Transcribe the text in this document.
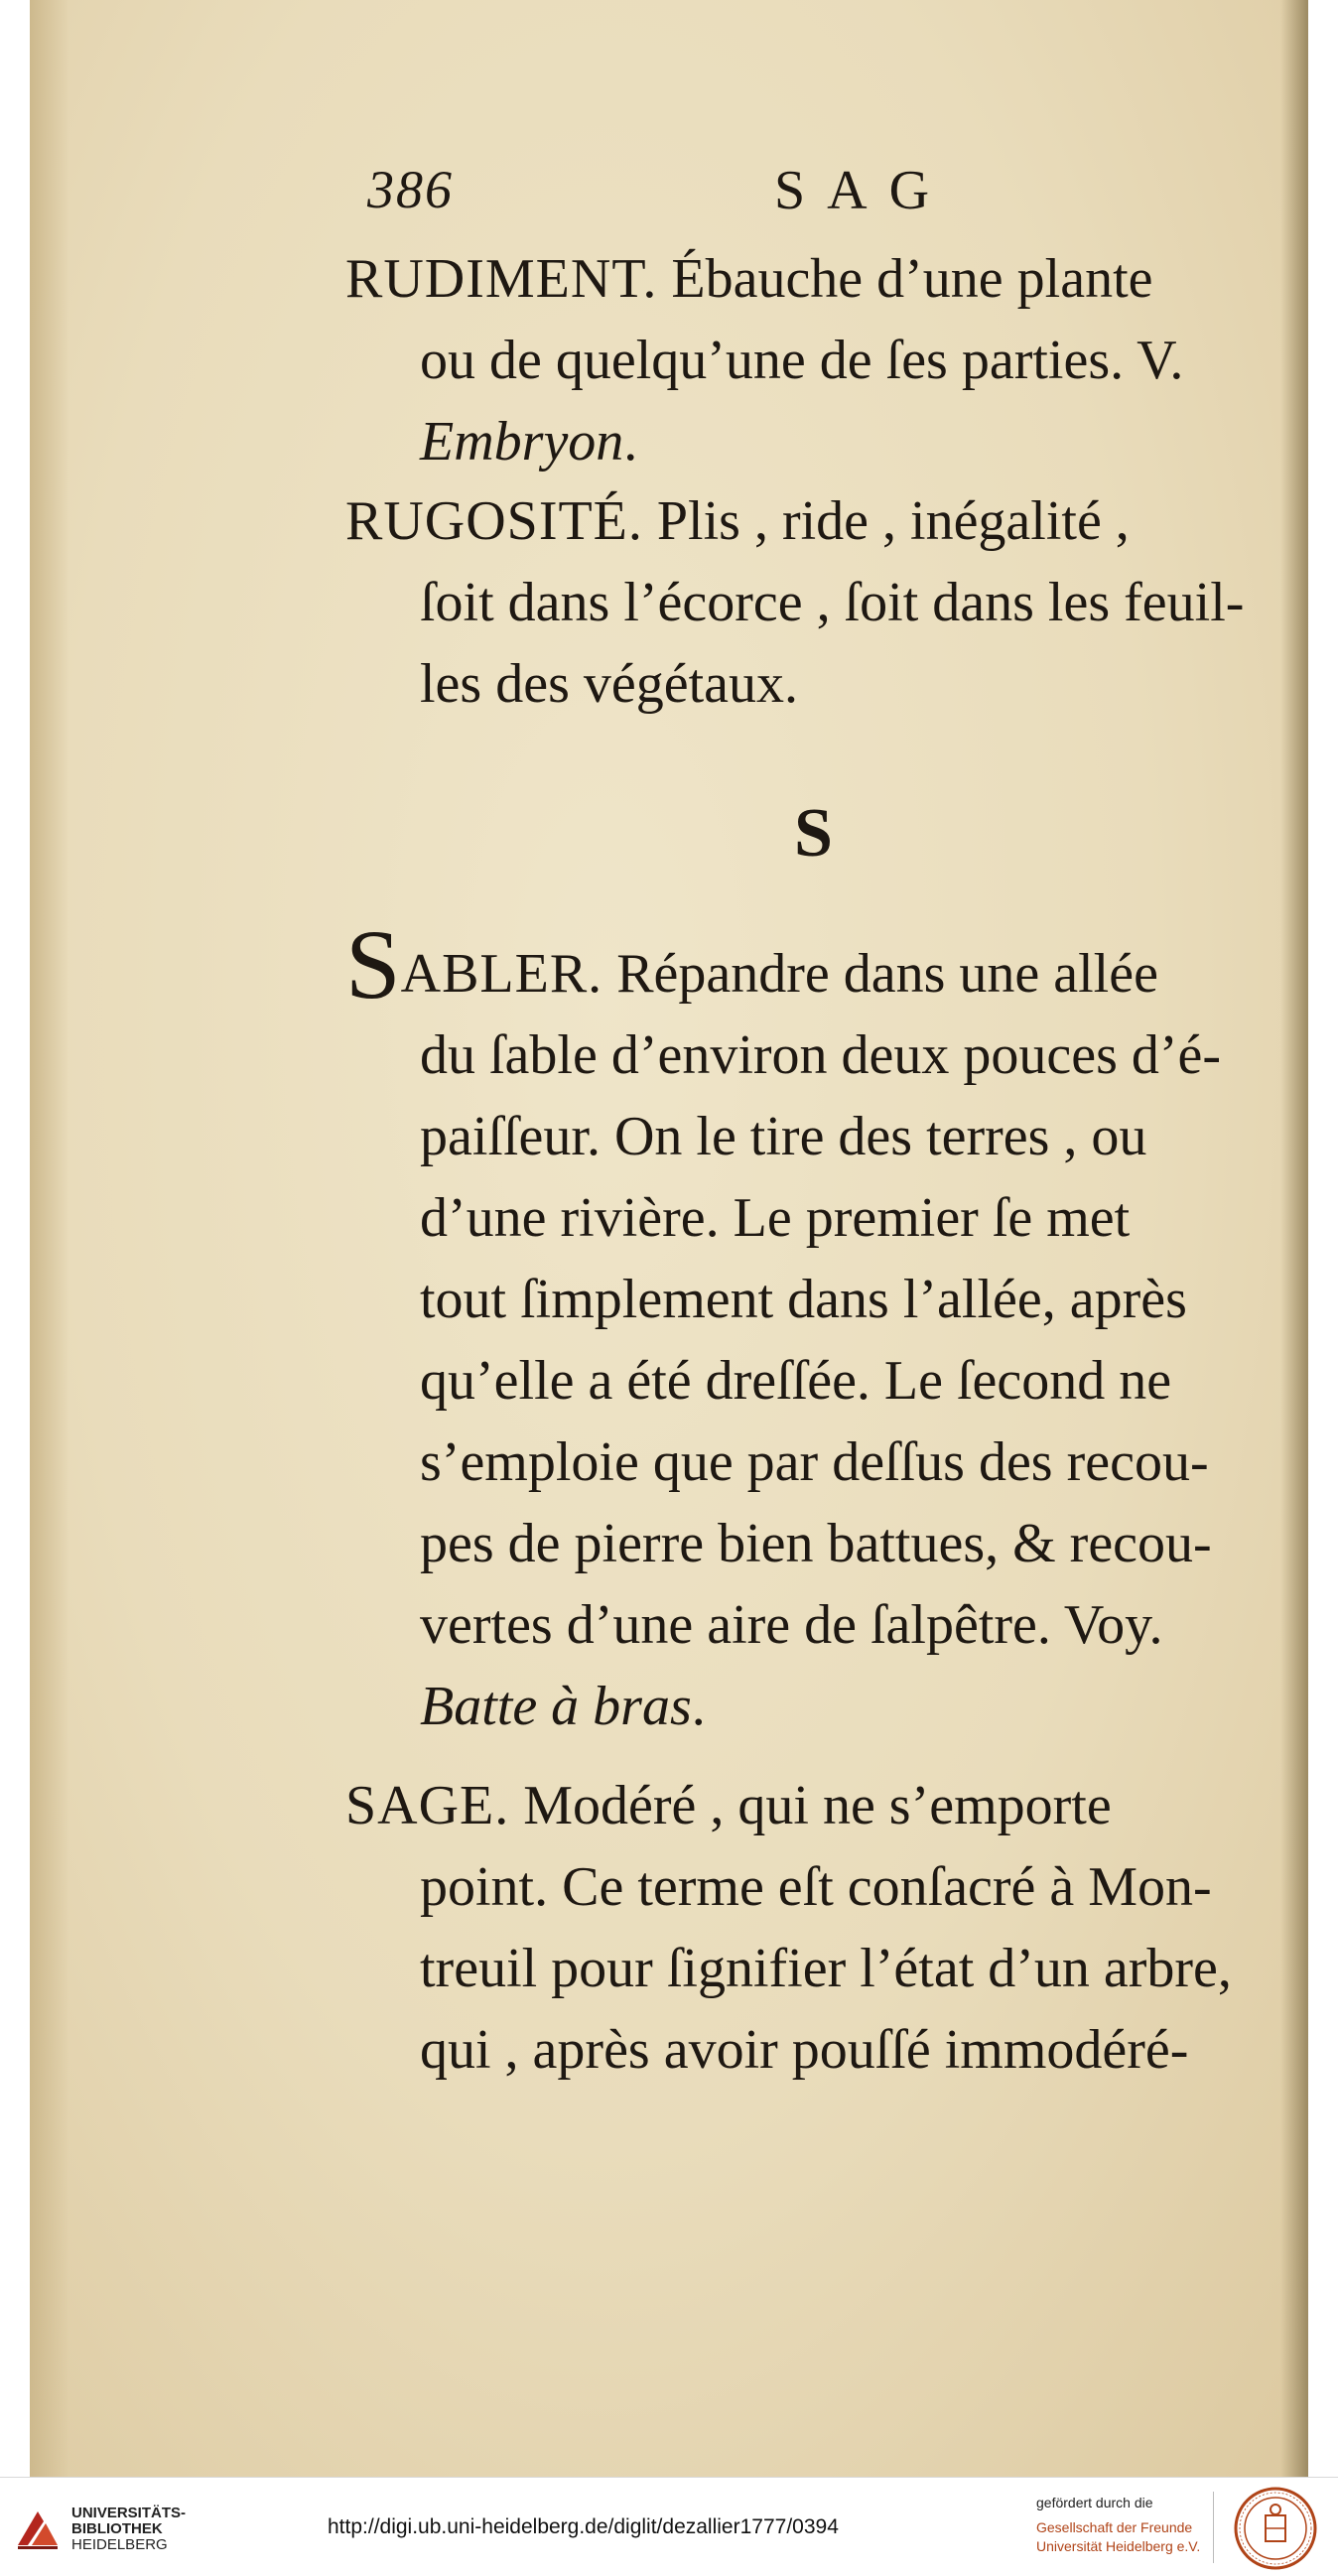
386	SAG

RUDIMENT. Ébauche d’une plante

ou de quelqu’une de ſes parties. V.

Embryon.

RUGOSITÉ. Plis , ride , inégalité ,

ſoit dans l’écorce , ſoit dans les feuil-

les des végétaux.

S

SABLER. Répandre dans une allée

du ſable d’environ deux pouces d’é-

paiſſeur. On le tire des terres , ou

d’une rivière. Le premier ſe met

tout ſimplement dans l’allée, après

qu’elle a été dreſſée. Le ſecond ne

s’emploie que par deſſus des recou-

pes de pierre bien battues, & recou-

vertes d’une aire de ſalpêtre. Voy.

Batte à bras.

SAGE. Modéré , qui ne s’emporte

point. Ce terme eſt conſacré à Mon-

treuil pour ſignifier l’état d’un arbre,

qui , après avoir pouſſé immodéré-

UNIVERSITÄTS-
BIBLIOTHEK
HEIDELBERG
http://digi.ub.uni-heidelberg.de/diglit/dezallier1777/0394
gefördert durch die
Gesellschaft der Freunde
Universität Heidelberg e.V.
